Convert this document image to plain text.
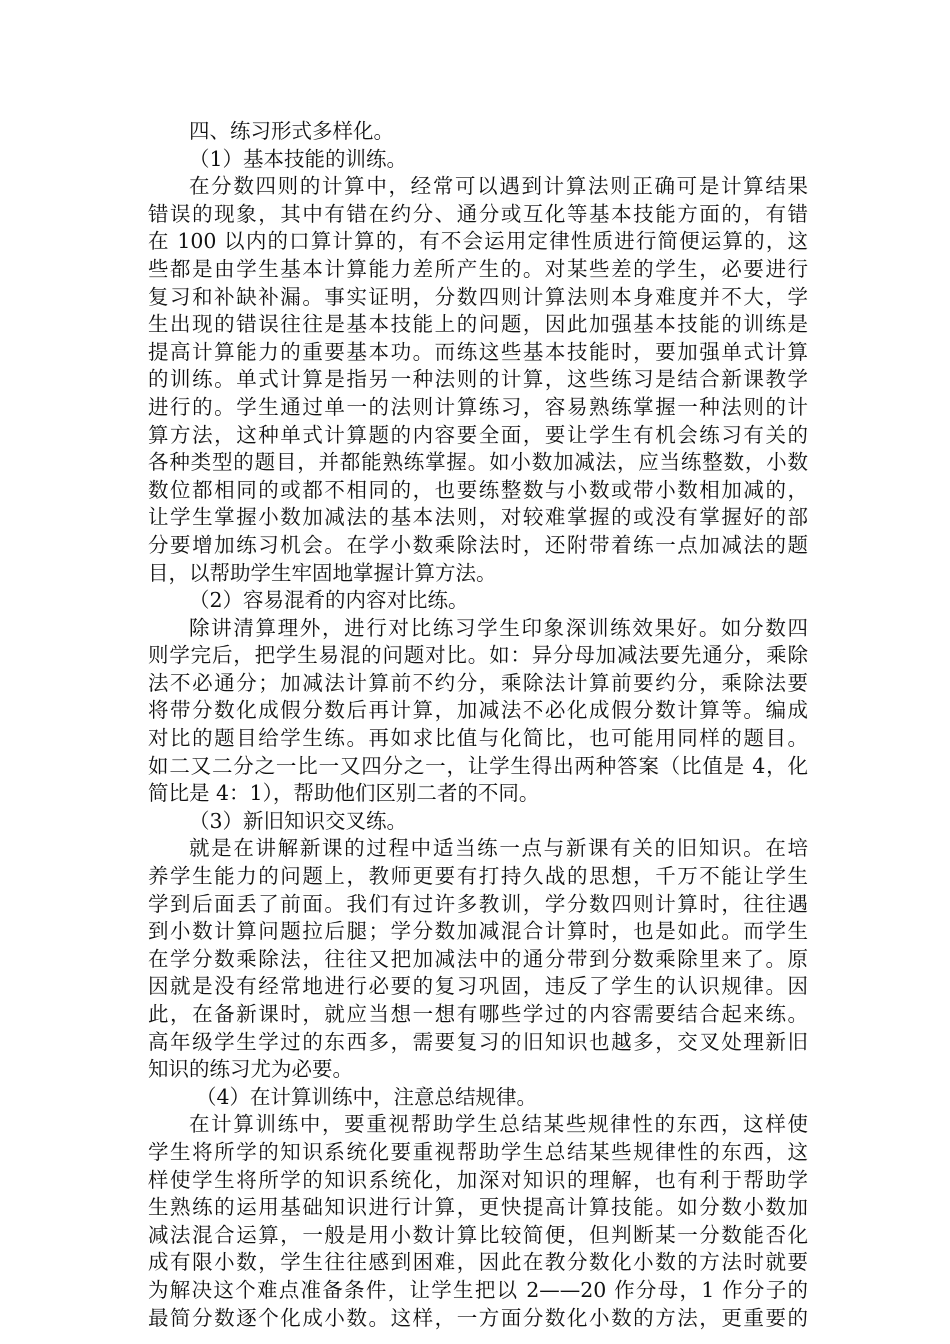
四、练习形式多样化。

（1）基本技能的训练。

在分数四则的计算中，经常可以遇到计算法则正确可是计算结果

错误的现象，其中有错在约分、通分或互化等基本技能方面的，有错

在 100 以内的口算计算的，有不会运用定律性质进行简便运算的，这

些都是由学生基本计算能力差所产生的。对某些差的学生，必要进行

复习和补缺补漏。事实证明，分数四则计算法则本身难度并不大，学

生出现的错误往往是基本技能上的问题，因此加强基本技能的训练是

提高计算能力的重要基本功。而练这些基本技能时，要加强单式计算

的训练。单式计算是指另一种法则的计算，这些练习是结合新课教学

进行的。学生通过单一的法则计算练习，容易熟练掌握一种法则的计

算方法，这种单式计算题的内容要全面，要让学生有机会练习有关的

各种类型的题目，并都能熟练掌握。如小数加减法，应当练整数，小数

数位都相同的或都不相同的，也要练整数与小数或带小数相加减的，

让学生掌握小数加减法的基本法则，对较难掌握的或没有掌握好的部

分要增加练习机会。在学小数乘除法时，还附带着练一点加减法的题

目，以帮助学生牢固地掌握计算方法。

（2）容易混肴的内容对比练。

除讲清算理外，进行对比练习学生印象深训练效果好。如分数四

则学完后，把学生易混的问题对比。如：异分母加减法要先通分，乘除

法不必通分；加减法计算前不约分，乘除法计算前要约分，乘除法要

将带分数化成假分数后再计算，加减法不必化成假分数计算等。编成

对比的题目给学生练。再如求比值与化简比，也可能用同样的题目。

如二又二分之一比一又四分之一，让学生得出两种答案（比值是 4，化

简比是 4：1），帮助他们区别二者的不同。

（3）新旧知识交叉练。

就是在讲解新课的过程中适当练一点与新课有关的旧知识。在培

养学生能力的问题上，教师更要有打持久战的思想，千万不能让学生

学到后面丢了前面。我们有过许多教训，学分数四则计算时，往往遇

到小数计算问题拉后腿；学分数加减混合计算时，也是如此。而学生

在学分数乘除法，往往又把加减法中的通分带到分数乘除里来了。原

因就是没有经常地进行必要的复习巩固，违反了学生的认识规律。因

此，在备新课时，就应当想一想有哪些学过的内容需要结合起来练。

高年级学生学过的东西多，需要复习的旧知识也越多，交叉处理新旧

知识的练习尤为必要。

（4）在计算训练中，注意总结规律。

在计算训练中，要重视帮助学生总结某些规律性的东西，这样使

学生将所学的知识系统化要重视帮助学生总结某些规律性的东西，这

样使学生将所学的知识系统化，加深对知识的理解，也有利于帮助学

生熟练的运用基础知识进行计算，更快提高计算技能。如分数小数加

减法混合运算，一般是用小数计算比较简便，但判断某一分数能否化

成有限小数，学生往往感到困难，因此在教分数化小数的方法时就要

为解决这个难点准备条件，让学生把以 2——20 作分母，1 作分子的

最简分数逐个化成小数。这样，一方面分数化小数的方法，更重要的
